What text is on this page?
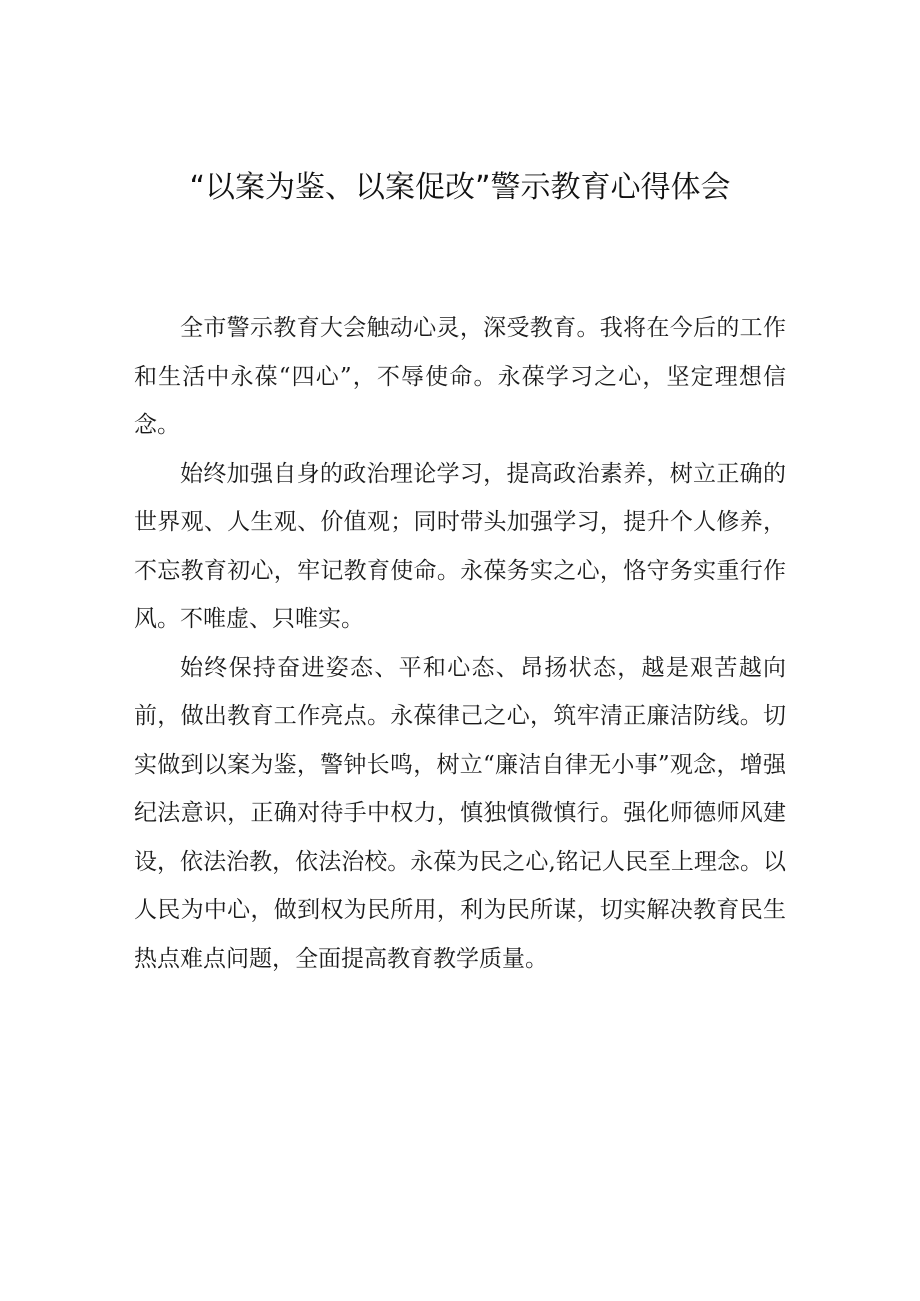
“以案为鉴、以案促改”警示教育心得体会

全市警示教育大会触动心灵，深受教育。我将在今后的工作和生活中永葆“四心”，不辱使命。永葆学习之心，坚定理想信念。

始终加强自身的政治理论学习，提高政治素养，树立正确的世界观、人生观、价值观；同时带头加强学习，提升个人修养，不忘教育初心，牢记教育使命。永葆务实之心，恪守务实重行作风。不唯虚、只唯实。

始终保持奋进姿态、平和心态、昂扬状态，越是艰苦越向前，做出教育工作亮点。永葆律己之心，筑牢清正廉洁防线。切实做到以案为鉴，警钟长鸣，树立“廉洁自律无小事”观念，增强纪法意识，正确对待手中权力，慎独慎微慎行。强化师德师风建设，依法治教，依法治校。永葆为民之心,铭记人民至上理念。以人民为中心，做到权为民所用，利为民所谋，切实解决教育民生热点难点问题，全面提高教育教学质量。
